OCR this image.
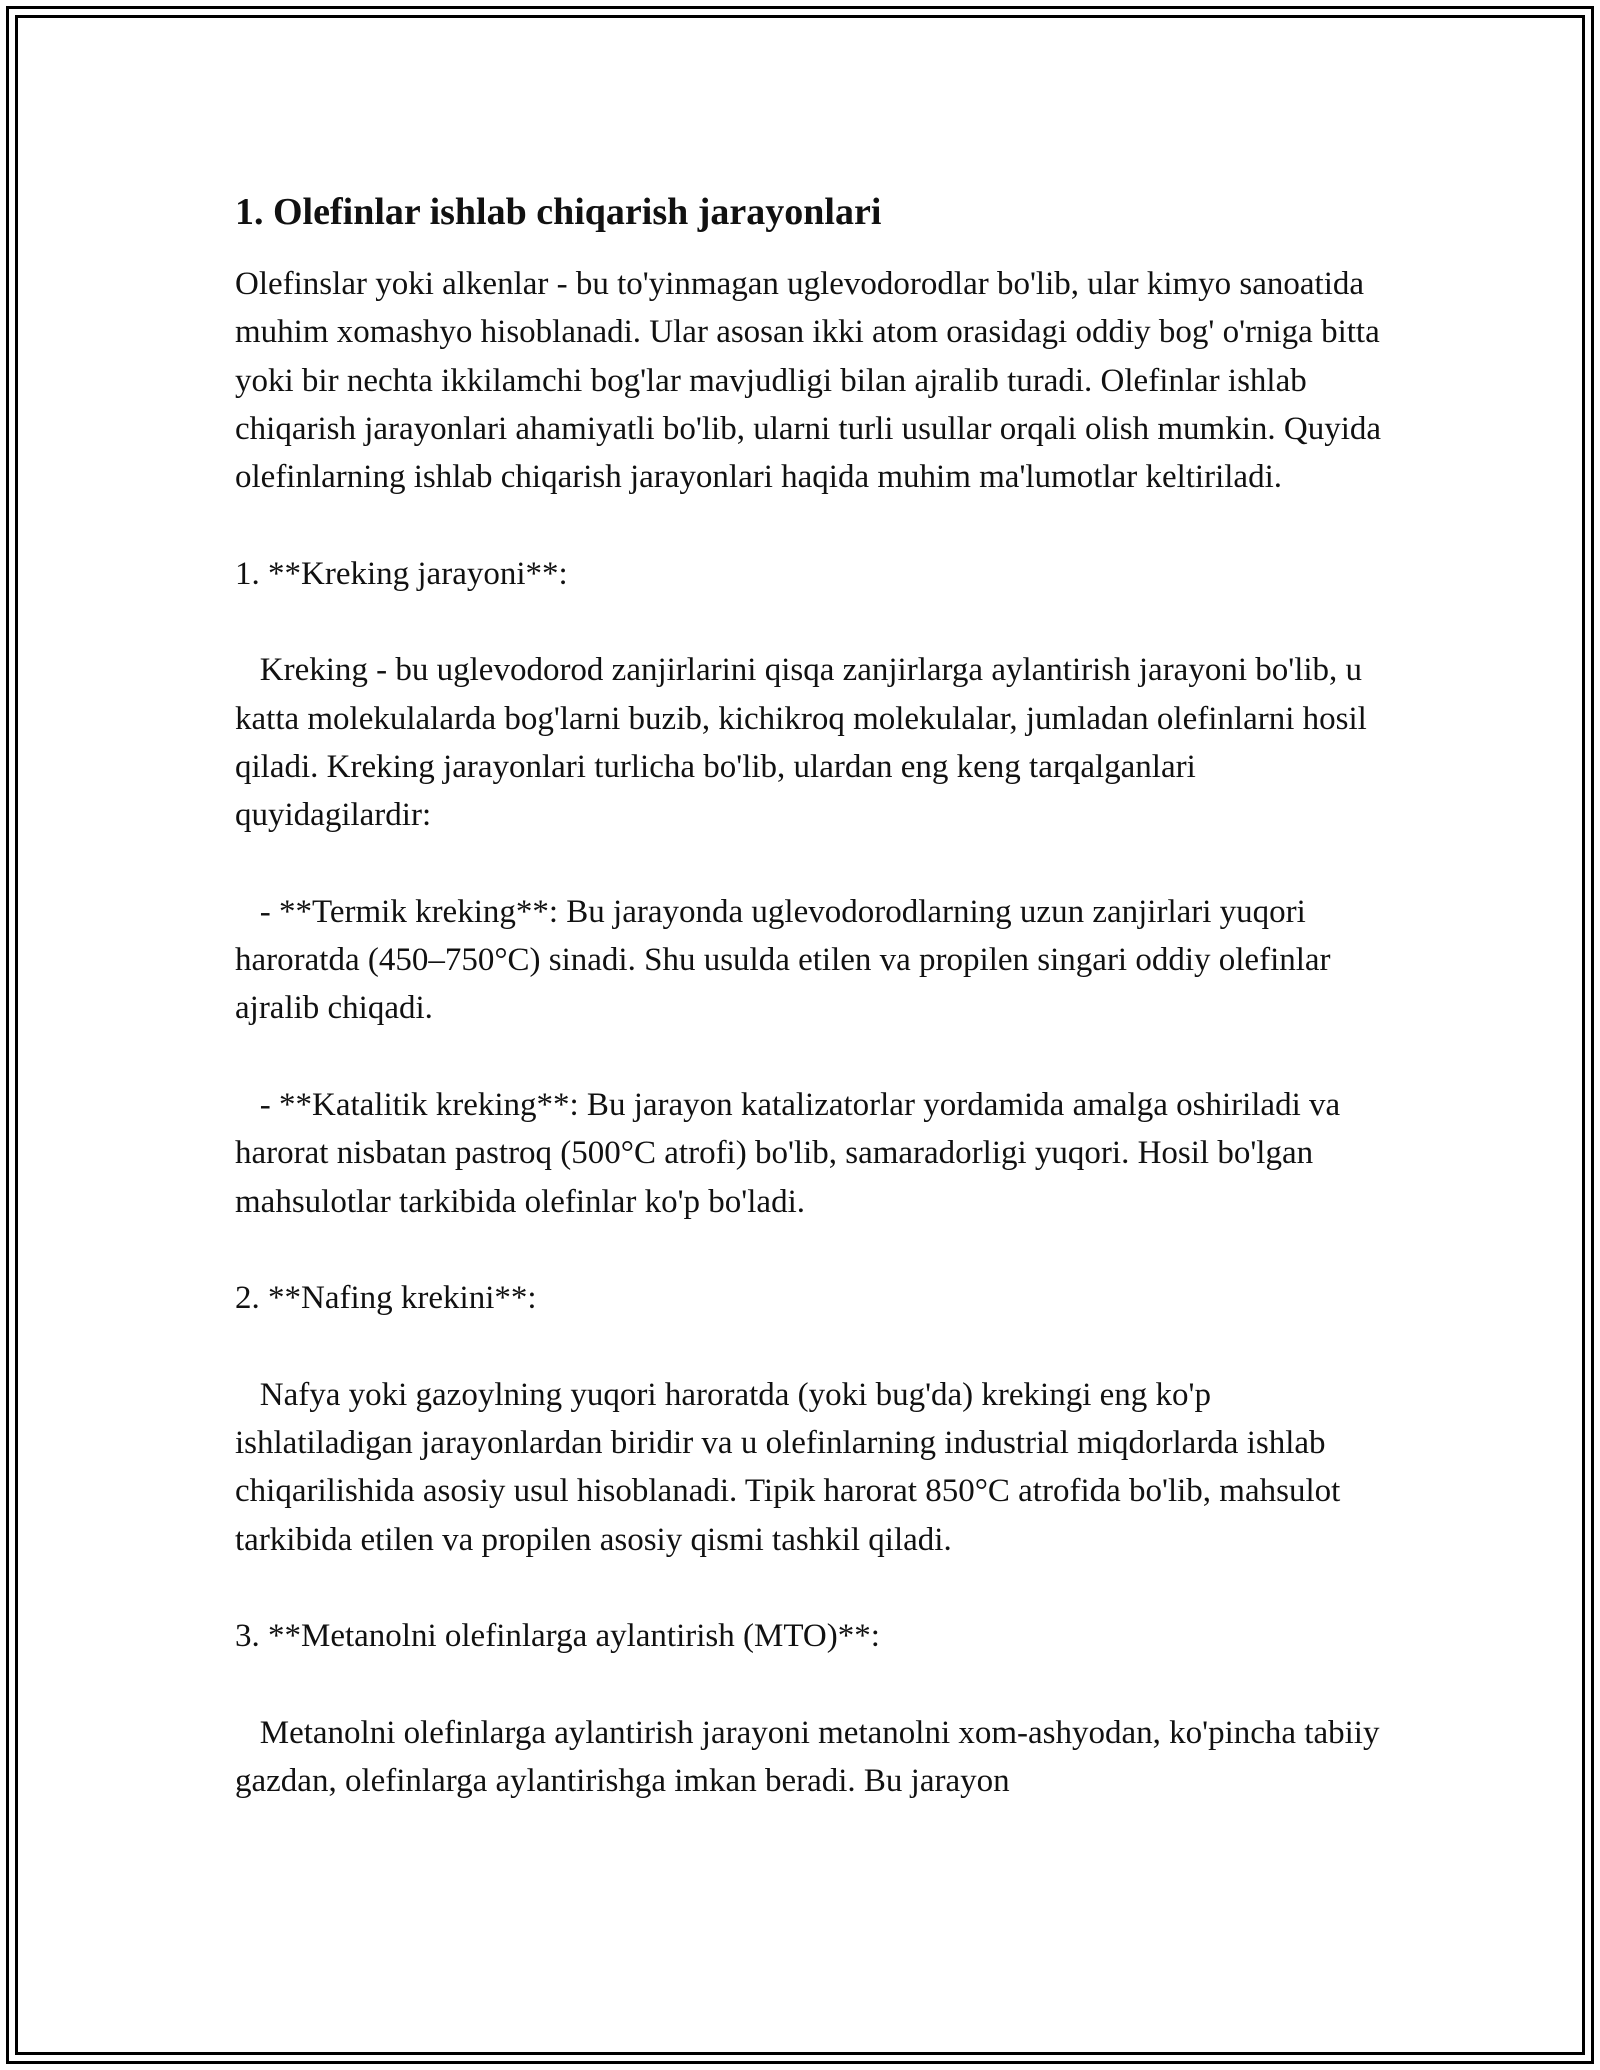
1. Olefinlar ishlab chiqarish jarayonlari

Olefinslar yoki alkenlar - bu to'yinmagan uglevodorodlar bo'lib, ular kimyo sanoatida muhim xomashyo hisoblanadi. Ular asosan ikki atom orasidagi oddiy bog' o'rniga bitta yoki bir nechta ikkilamchi bog'lar mavjudligi bilan ajralib turadi. Olefinlar ishlab chiqarish jarayonlari ahamiyatli bo'lib, ularni turli usullar orqali olish mumkin. Quyida olefinlarning ishlab chiqarish jarayonlari haqida muhim ma'lumotlar keltiriladi.

1. **Kreking jarayoni**:

Kreking - bu uglevodorod zanjirlarini qisqa zanjirlarga aylantirish jarayoni bo'lib, u katta molekulalarda bog'larni buzib, kichikroq molekulalar, jumladan olefinlarni hosil qiladi. Kreking jarayonlari turlicha bo'lib, ulardan eng keng tarqalganlari quyidagilardir:

- **Termik kreking**: Bu jarayonda uglevodorodlarning uzun zanjirlari yuqori haroratda (450–750°C) sinadi. Shu usulda etilen va propilen singari oddiy olefinlar ajralib chiqadi.

- **Katalitik kreking**: Bu jarayon katalizatorlar yordamida amalga oshiriladi va harorat nisbatan pastroq (500°C atrofi) bo'lib, samaradorligi yuqori. Hosil bo'lgan mahsulotlar tarkibida olefinlar ko'p bo'ladi.

2. **Nafing krekini**:

Nafya yoki gazoylning yuqori haroratda (yoki bug'da) krekingi eng ko'p ishlatiladigan jarayonlardan biridir va u olefinlarning industrial miqdorlarda ishlab chiqarilishida asosiy usul hisoblanadi. Tipik harorat 850°C atrofida bo'lib, mahsulot tarkibida etilen va propilen asosiy qismi tashkil qiladi.

3. **Metanolni olefinlarga aylantirish (MTO)**:

Metanolni olefinlarga aylantirish jarayoni metanolni xom-ashyodan, ko'pincha tabiiy gazdan, olefinlarga aylantirishga imkan beradi. Bu jarayon
